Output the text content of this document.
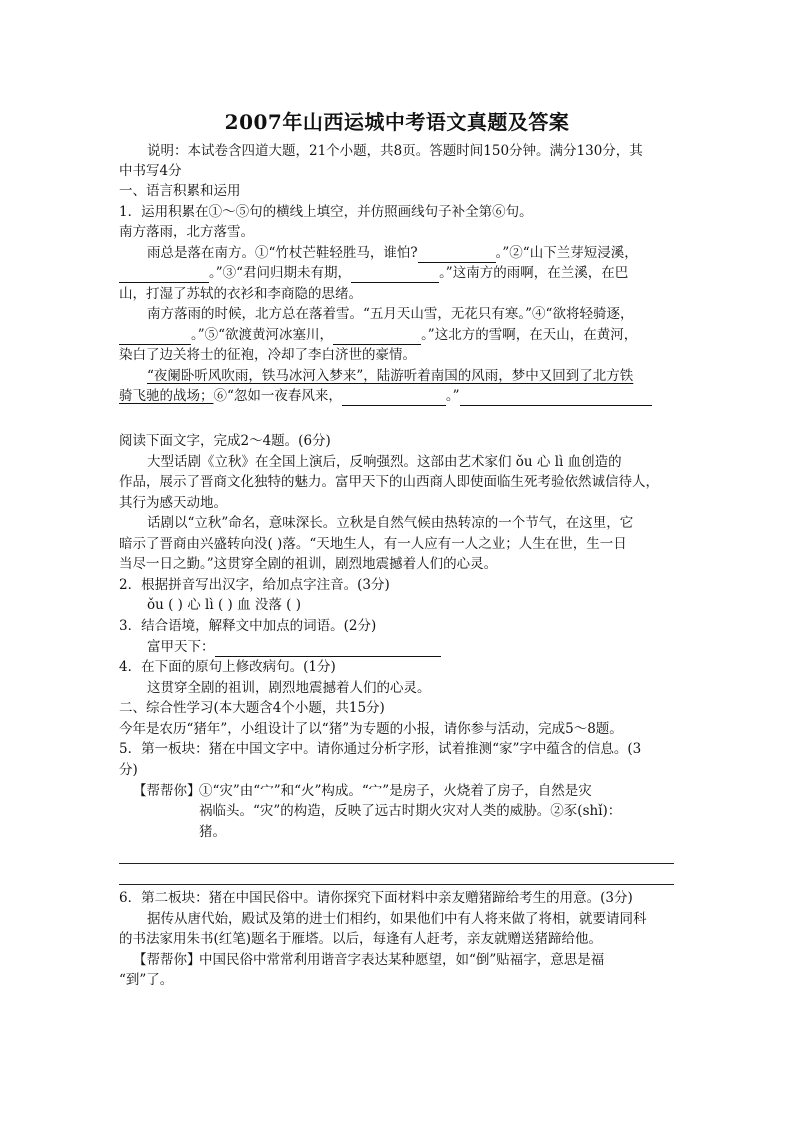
2007年山西运城中考语文真题及答案
说明：本试卷含四道大题，21个小题，共8页。答题时间150分钟。满分130分，其
中书写4分
一、语言积累和运用
1．运用积累在①～⑤句的横线上填空，并仿照画线句子补全第⑥句。
南方落雨，北方落雪。
雨总是落在南方。①“竹杖芒鞋轻胜马，谁怕?	。”②“山下兰芽短浸溪，
。”③“君问归期未有期，	。”这南方的雨啊，在兰溪，在巴
山，打湿了苏轼的衣衫和李商隐的思绪。
南方落雨的时候，北方总在落着雪。“五月天山雪，无花只有寒。”④“欲将轻骑逐，
。”⑤“欲渡黄河冰塞川，	。”这北方的雪啊，在天山，在黄河，
染白了边关将士的征袍，冷却了李白济世的豪情。
“夜阑卧听风吹雨，铁马冰河入梦来”，陆游听着南国的风雨，梦中又回到了北方铁
骑飞驰的战场；⑥“忽如一夜春风来，	。”
阅读下面文字，完成2～4题。(6分)
大型话剧《立秋》在全国上演后，反响强烈。这部由艺术家们 ǒu 心 lì 血创造的
作品，展示了晋商文化独特的魅力。富甲天下的山西商人即使面临生死考验依然诚信待人，
其行为感天动地。
话剧以“立秋”命名，意味深长。立秋是自然气候由热转凉的一个节气，在这里，它
暗示了晋商由兴盛转向没( )落。“天地生人，有一人应有一人之业；人生在世，生一日
当尽一日之勤。”这贯穿全剧的祖训，剧烈地震撼着人们的心灵。
2．根据拼音写出汉字，给加点字注音。(3分)
ǒu ( ) 心 lì ( ) 血 没落 ( )
3．结合语境，解释文中加点的词语。(2分)
富甲天下：
4．在下面的原句上修改病句。(1分)
这贯穿全剧的祖训，剧烈地震撼着人们的心灵。
二、综合性学习(本大题含4个小题，共15分)
今年是农历“猪年”，小组设计了以“猪”为专题的小报，请你参与活动，完成5～8题。
5．第一板块：猪在中国文字中。请你通过分析字形，试着推测“家”字中蕴含的信息。(3
分)
【帮帮你】
①“灾”由“宀”和“火”构成。“宀”是房子，火烧着了房子，自然是灾
祸临头。“灾”的构造，反映了远古时期火灾对人类的威胁。②豕(shǐ)：
猪。
6．第二板块：猪在中国民俗中。请你探究下面材料中亲友赠猪蹄给考生的用意。(3分)
据传从唐代始，殿试及第的进士们相约，如果他们中有人将来做了将相，就要请同科
的书法家用朱书(红笔)题名于雁塔。以后，每逢有人赶考，亲友就赠送猪蹄给他。
【帮帮你】
中国民俗中常常利用谐音字表达某种愿望，如“倒”贴福字，意思是福
“到”了。
